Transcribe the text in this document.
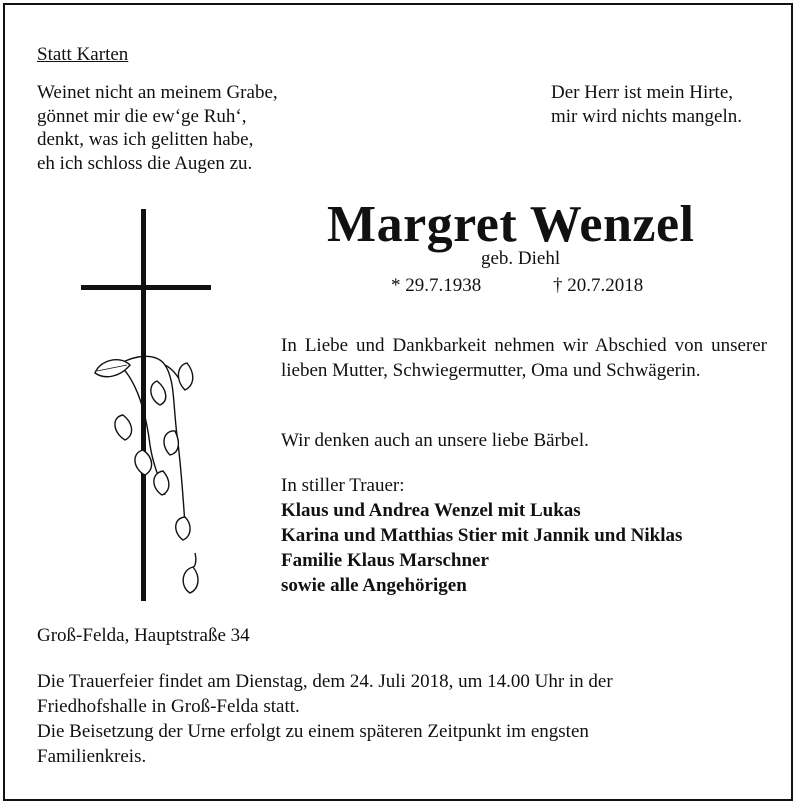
Statt Karten
Weinet nicht an meinem Grabe,
gönnet mir die ew‘ge Ruh‘,
denkt, was ich gelitten habe,
eh ich schloss die Augen zu.
Der Herr ist mein Hirte,
mir wird nichts mangeln.
Margret Wenzel
geb. Diehl
* 29.7.1938	† 20.7.2018
In Liebe und Dankbarkeit nehmen wir Abschied von unserer lieben Mutter, Schwiegermutter, Oma und Schwägerin.
Wir denken auch an unsere liebe Bärbel.
In stiller Trauer:
Klaus und Andrea Wenzel mit Lukas
Karina und Matthias Stier mit Jannik und Niklas
Familie Klaus Marschner
sowie alle Angehörigen
Groß-Felda, Hauptstraße 34
Die Trauerfeier findet am Dienstag, dem 24. Juli 2018, um 14.00 Uhr in der
Friedhofshalle in Groß-Felda statt.
Die Beisetzung der Urne erfolgt zu einem späteren Zeitpunkt im engsten
Familienkreis.
